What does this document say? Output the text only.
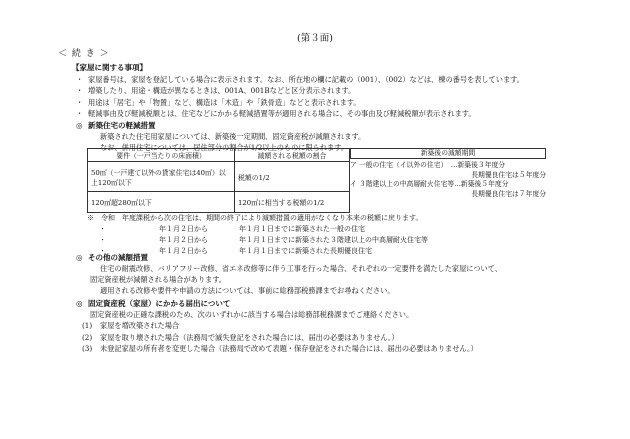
(第３面)
＜ 続 き ＞
【家屋に関する事項】
・ 家屋番号は、家屋を登記している場合に表示されます。なお、所在地の欄に記載の（001）、（002）などは、棟の番号を表しています。
・ 増築したり、用途・構造が異なるときは、001A、001Bなどと区分表示されます。
・ 用途は「居宅」や「物置」など、構造は「木造」や「鉄骨造」などと表示されます。
・ 軽減事由及び軽減税額とは、住宅などにかかる軽減措置等が適用される場合に、その事由及び軽減税額が表示されます。
◎ 新築住宅の軽減措置
新築された住宅用家屋については、新築後一定期間、固定資産税が減額されます。
なお、併用住宅については、居住部分の割合が1/2以上のものに限られます。
要件（一戸当たりの床面積）	減額される税額の割合
50㎡（一戸建て以外の貸家住宅は40㎡）以上120㎡以下	税額の1/2
120㎡超280㎡以下	120㎡に相当する税額の1/2
新築後の減額期間
ア 一般の住宅（イ以外の住宅）　 …新築後３年度分
長期優良住宅は５年度分
イ ３階建以上の中高層耐火住宅等…新築後５年度分
長期優良住宅は７年度分
※　 令和　年度課税から次の住宅は、期間の終了により減額措置の適用がなくなり本来の税額に戻ります。
・	年１月２日から	年１月１日までに新築された一般の住宅
・	年１月２日から	年１月１日までに新築された３階建以上の中高層耐火住宅等
・	年１月２日から	年１月１日までに新築された長期優良住宅
◎ その他の減額措置
住宅の耐震改修、バリアフリー改修、省エネ改修等に伴う工事を行った場合、それぞれの一定要件を満たした家屋について、
固定資産税が減額される場合があります。
適用される改修や要件や申請の方法については、事前に総務部税務課までお尋ねください。
◎ 固定資産税（家屋）にかかる届出について
固定資産税の正確な課税のため、次のいずれかに該当する場合は総務部税務課までご連絡ください。
(1) 家屋を増改築された場合
(2) 家屋を取り壊された場合（法務局で滅失登記をされた場合には、届出の必要はありません。）
(3) 未登記家屋の所有者を変更した場合（法務局で改めて表題・保存登記をされた場合には、届出の必要はありません。）
